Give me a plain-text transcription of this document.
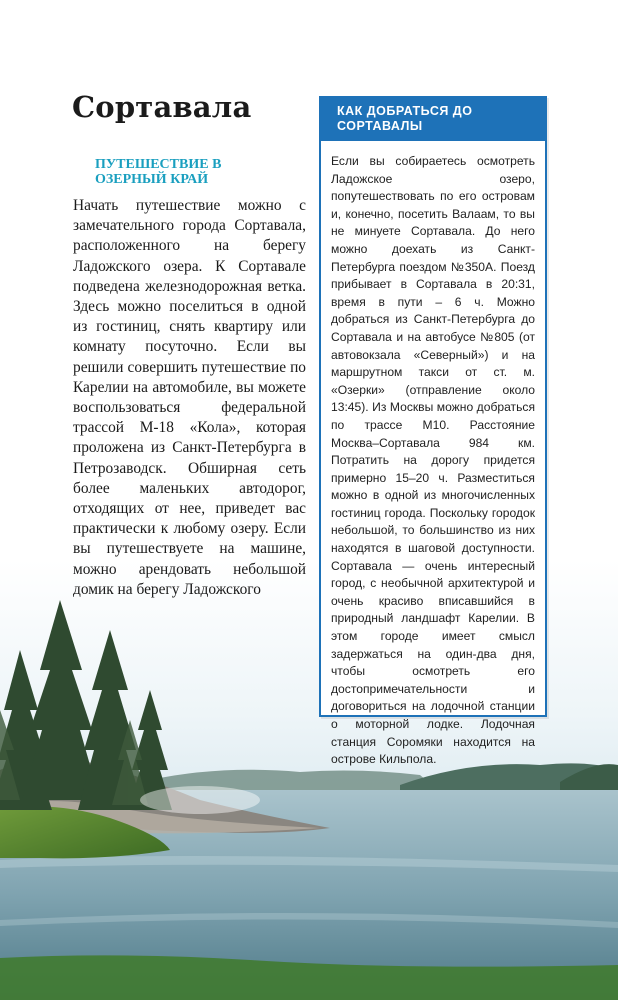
Сортавала
ПУТЕШЕСТВИЕ В ОЗЕРНЫЙ КРАЙ

Начать путешествие можно с замечательного города Сортавала, расположенного на берегу Ладожского озера. К Сортавале подведена железнодорожная ветка. Здесь можно поселиться в одной из гостиниц, снять квартиру или комнату посуточно. Если вы решили совершить путешествие по Карелии на автомобиле, вы можете воспользоваться федеральной трассой М-18 «Кола», которая проложена из Санкт-Петербурга в Петрозаводск. Обширная сеть более маленьких автодорог, отходящих от нее, приведет вас практически к любому озеру. Если вы путешествуете на машине, можно арендовать небольшой домик на берегу Ладожского

КАК ДОБРАТЬСЯ ДО СОРТАВАЛЫ

Если вы собираетесь осмотреть Ладожское озеро, попутешествовать по его островам и, конечно, посетить Валаам, то вы не минуете Сортавала. До него можно доехать из Санкт-Петербурга поездом №350А. Поезд прибывает в Сортавала в 20:31, время в пути – 6 ч. Можно добраться из Санкт-Петербурга до Сортавала и на автобусе №805 (от автовокзала «Северный») и на маршрутном такси от ст. м. «Озерки» (отправление около 13:45). Из Москвы можно добраться по трассе М10. Расстояние Москва–Сортавала 984 км. Потратить на дорогу придется примерно 15–20 ч. Разместиться можно в одной из многочисленных гостиниц города. Поскольку городок небольшой, то большинство из них находятся в шаговой доступности. Сортавала — очень интересный город, с необычной архитектурой и очень красиво вписавшийся в природный ландшафт Карелии. В этом городе имеет смысл задержаться на один-два дня, чтобы осмотреть его достопримечательности и договориться на лодочной станции о моторной лодке. Лодочная станция Соромяки находится на острове Кильпола.
